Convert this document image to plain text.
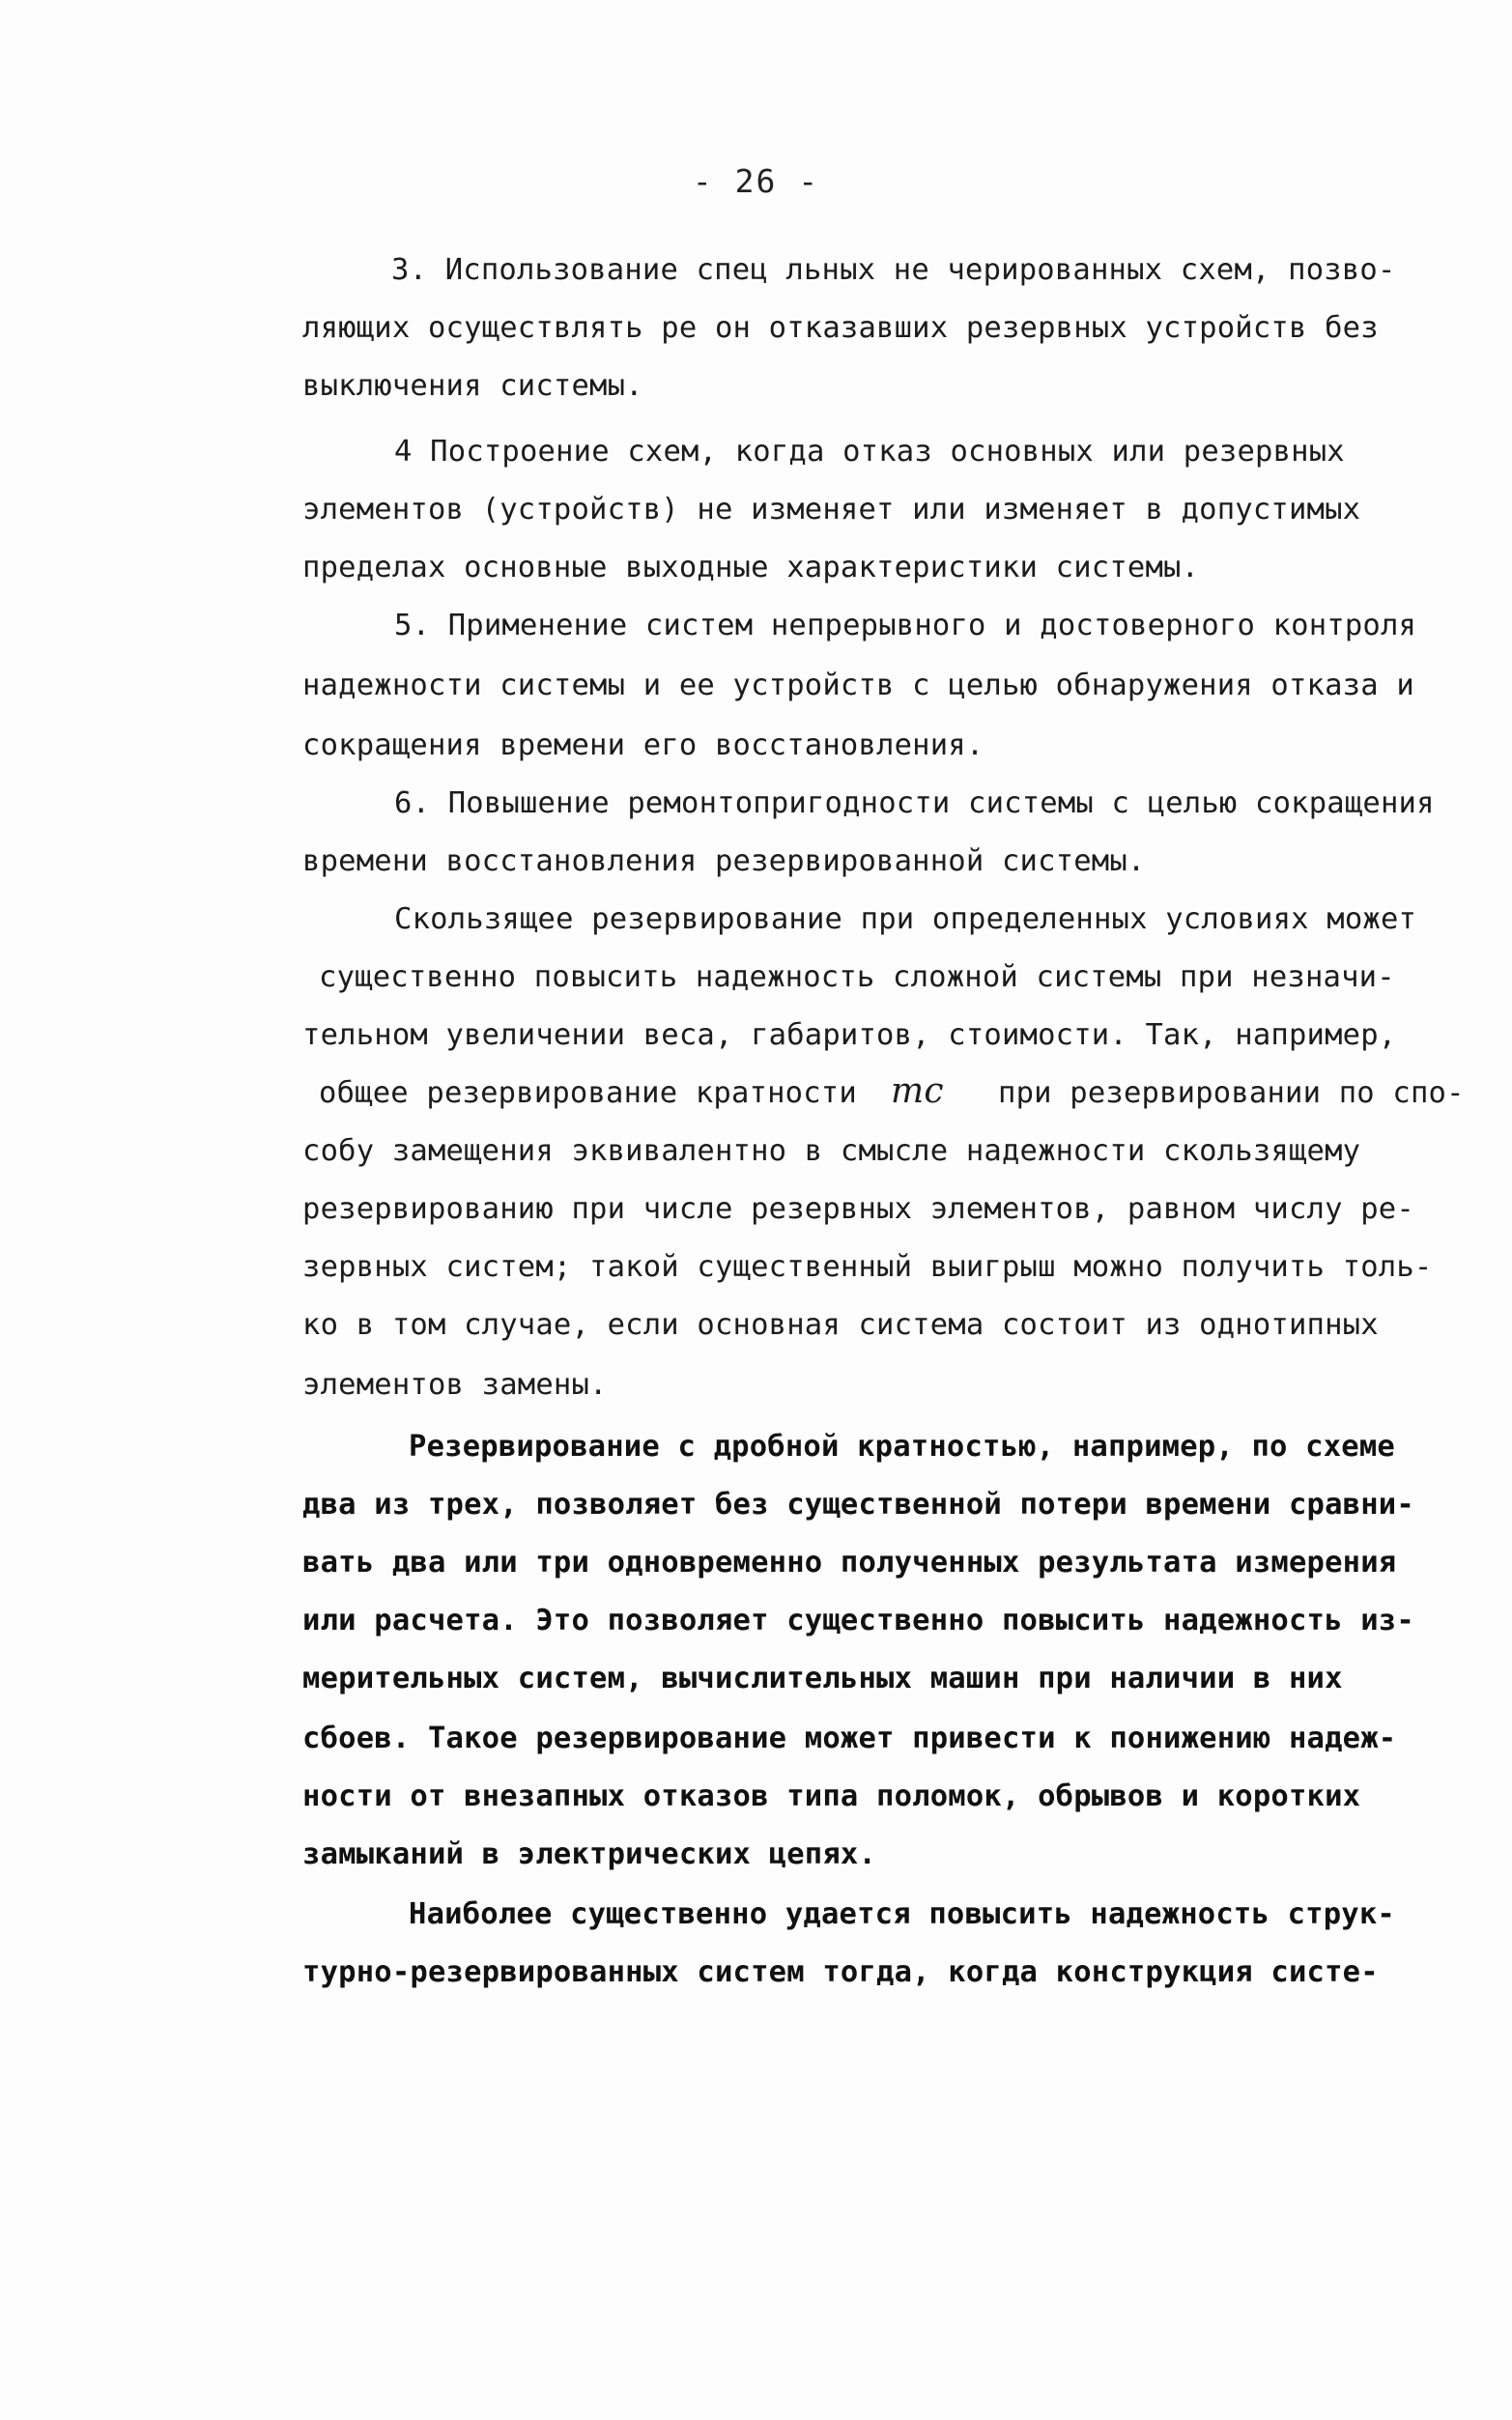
- 26 -
3. Использование спец льных не черированных схем, позво-
ляющих осуществлять ре он отказавших резервных устройств без
выключения системы.
4 Построение схем, когда отказ основных или резервных
элементов (устройств) не изменяет или изменяет в допустимых
пределах основные выходные характеристики системы.
5. Применение систем непрерывного и достоверного контроля
надежности системы и ее устройств с целью обнаружения отказа и
сокращения времени его восстановления.
6. Повышение ремонтопригодности системы с целью сокращения
времени восстановления резервированной системы.
Скользящее резервирование при определенных условиях может
существенно повысить надежность сложной системы при незначи-
тельном увеличении веса, габаритов, стоимости. Так, например,
общее резервирование кратности mc при резервировании по спо-
собу замещения эквивалентно в смысле надежности скользящему
резервированию при числе резервных элементов, равном числу ре-
зервных систем; такой существенный выигрыш можно получить толь-
ко в том случае, если основная система состоит из однотипных
элементов замены.
Резервирование с дробной кратностью, например, по схеме
два из трех, позволяет без существенной потери времени сравни-
вать два или три одновременно полученных результата измерения
или расчета. Это позволяет существенно повысить надежность из-
мерительных систем, вычислительных машин при наличии в них
сбоев. Такое резервирование может привести к понижению надеж-
ности от внезапных отказов типа поломок, обрывов и коротких
замыканий в электрических цепях.
Наиболее существенно удается повысить надежность струк-
турно-резервированных систем тогда, когда конструкция систе-
